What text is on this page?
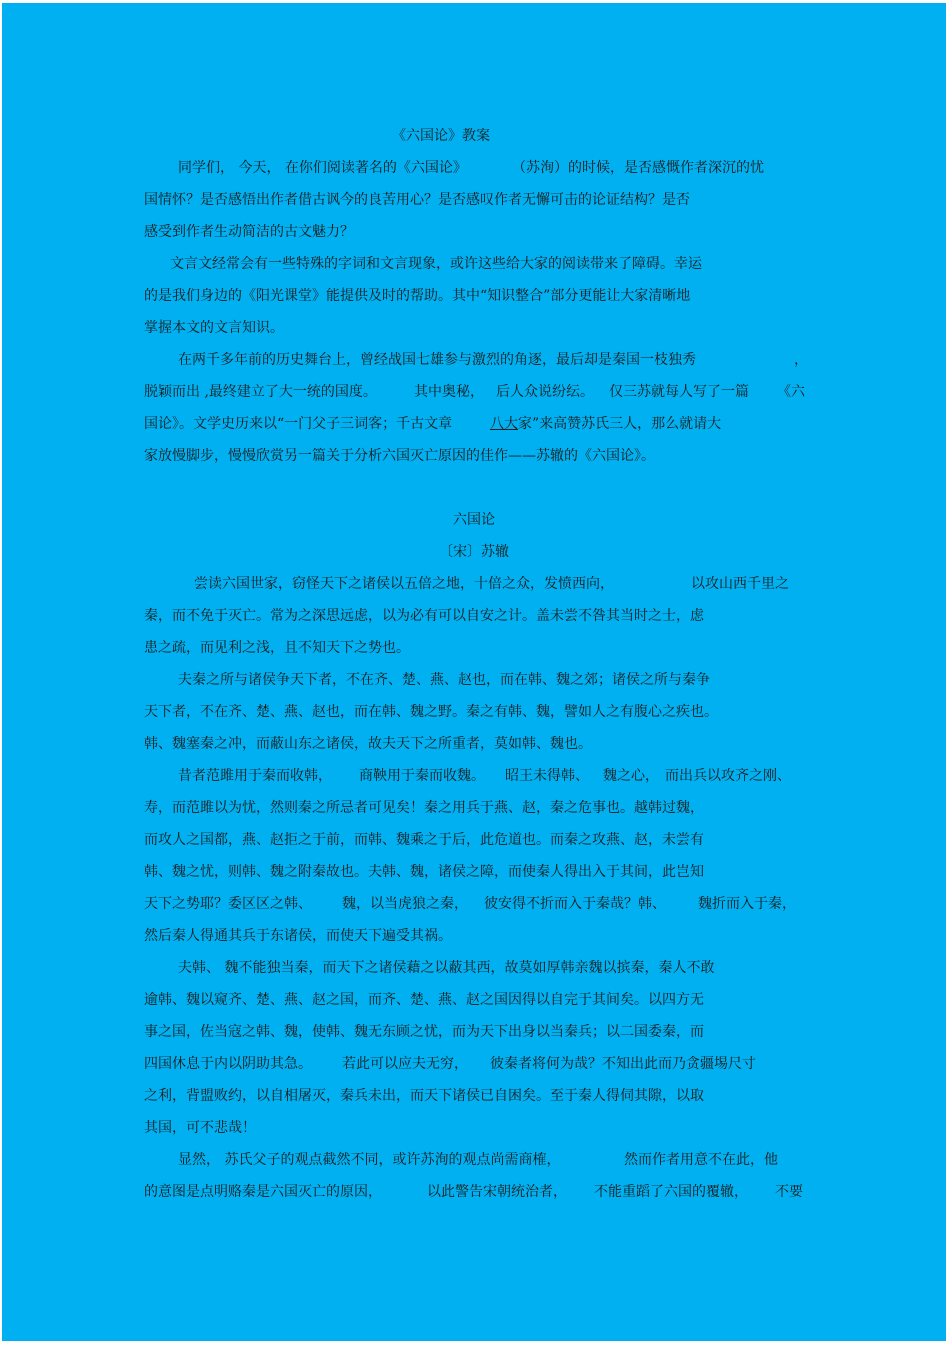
《六国论》教案
同学们， 今天， 在你们阅读著名的《六国论》	（苏洵）的时候，是否感慨作者深沉的忧
国情怀？是否感悟出作者借古讽今的良苦用心？是否感叹作者无懈可击的论证结构？是否
感受到作者生动简洁的古文魅力？
文言文经常会有一些特殊的字词和文言现象，或许这些给大家的阅读带来了障碍。幸运
的是我们身边的《阳光课堂》能提供及时的帮助。其中“知识整合”部分更能让大家清晰地
掌握本文的文言知识。
在两千多年前的历史舞台上，曾经战国七雄参与激烈的角逐，最后却是秦国一枝独秀	，
脱颖而出 ,最终建立了大一统的国度。	其中奥秘， 后人众说纷纭。 仅三苏就每人写了一篇 《六
国论》。文学史历来以“一门父子三词客；千古文章	八大 家”来高赞苏氏三人，那么就请大
家放慢脚步，慢慢欣赏另一篇关于分析六国灭亡原因的佳作——苏辙的《六国论》。
六国论
〔宋〕苏辙
尝读六国世家，窃怪天下之诸侯以五倍之地，十倍之众，发愤西向，	以攻山西千里之
秦，而不免于灭亡。常为之深思远虑，以为必有可以自安之计。盖未尝不咎其当时之士，虑
患之疏，而见利之浅，且不知天下之势也。
夫秦之所与诸侯争天下者，不在齐、楚、燕、赵也，而在韩、魏之郊；诸侯之所与秦争
天下者，不在齐、楚、燕、赵也，而在韩、魏之野。秦之有韩、魏，譬如人之有腹心之疾也。
韩、魏塞秦之冲，而蔽山东之诸侯，故夫天下之所重者，莫如韩、魏也。
昔者范雎用于秦而收韩， 商鞅用于秦而收魏。 昭王未得韩、 魏之心， 而出兵以攻齐之刚、
寿，而范雎以为忧，然则秦之所忌者可见矣！秦之用兵于燕、赵，秦之危事也。越韩过魏，
而攻人之国都，燕、赵拒之于前，而韩、魏乘之于后，此危道也。而秦之攻燕、赵，未尝有
韩、魏之忧，则韩、魏之附秦故也。夫韩、魏，诸侯之障，而使秦人得出入于其间，此岂知
天下之势耶？委区区之韩、 魏，以当虎狼之秦， 彼安得不折而入于秦哉？韩、 魏折而入于秦，
然后秦人得通其兵于东诸侯，而使天下遍受其祸。
夫韩、 魏不能独当秦，而天下之诸侯藉之以蔽其西，故莫如厚韩亲魏以摈秦，秦人不敢
逾韩、魏以窥齐、楚、燕、赵之国，而齐、楚、燕、赵之国因得以自完于其间矣。以四方无
事之国，佐当寇之韩、魏，使韩、魏无东顾之忧，而为天下出身以当秦兵；以二国委秦，而
四国休息于内以阴助其急。 若此可以应夫无穷， 彼秦者将何为哉？不知出此而乃贪疆埸尺寸
之利，背盟败约，以自相屠灭，秦兵未出，而天下诸侯已自困矣。至于秦人得伺其隙，以取
其国，可不悲哉！
显然， 苏氏父子的观点截然不同，或许苏洵的观点尚需商榷，	然而作者用意不在此，他
的意图是点明赂秦是六国灭亡的原因，	以此警告宋朝统治者， 不能重蹈了六国的覆辙， 不要
